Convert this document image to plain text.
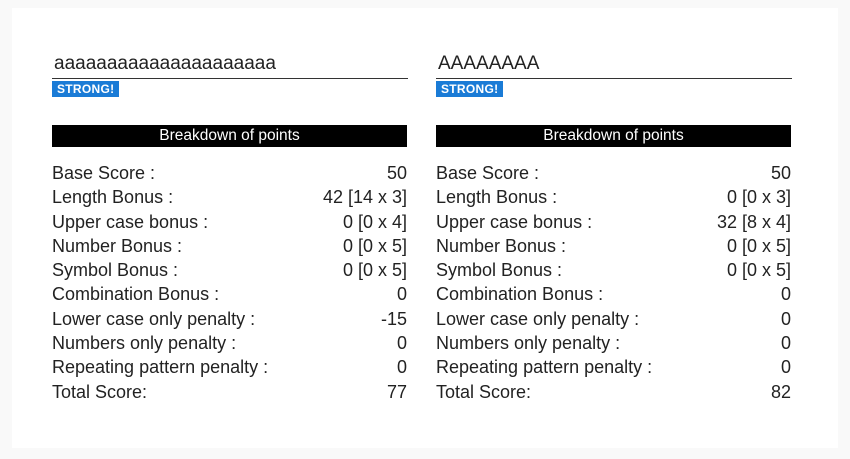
aaaaaaaaaaaaaaaaaaaaa STRONG!
Breakdown of points
Base Score :	50
Length Bonus :	42 [14 x 3]
Upper case bonus :	0 [0 x 4]
Number Bonus :	0 [0 x 5]
Symbol Bonus :	0 [0 x 5]
Combination Bonus :	0
Lower case only penalty :	-15
Numbers only penalty :	0
Repeating pattern penalty :	0
Total Score:	77
AAAAAAAA STRONG!
Breakdown of points
Base Score :	50
Length Bonus :	0 [0 x 3]
Upper case bonus :	32 [8 x 4]
Number Bonus :	0 [0 x 5]
Symbol Bonus :	0 [0 x 5]
Combination Bonus :	0
Lower case only penalty :	0
Numbers only penalty :	0
Repeating pattern penalty :	0
Total Score:	82
